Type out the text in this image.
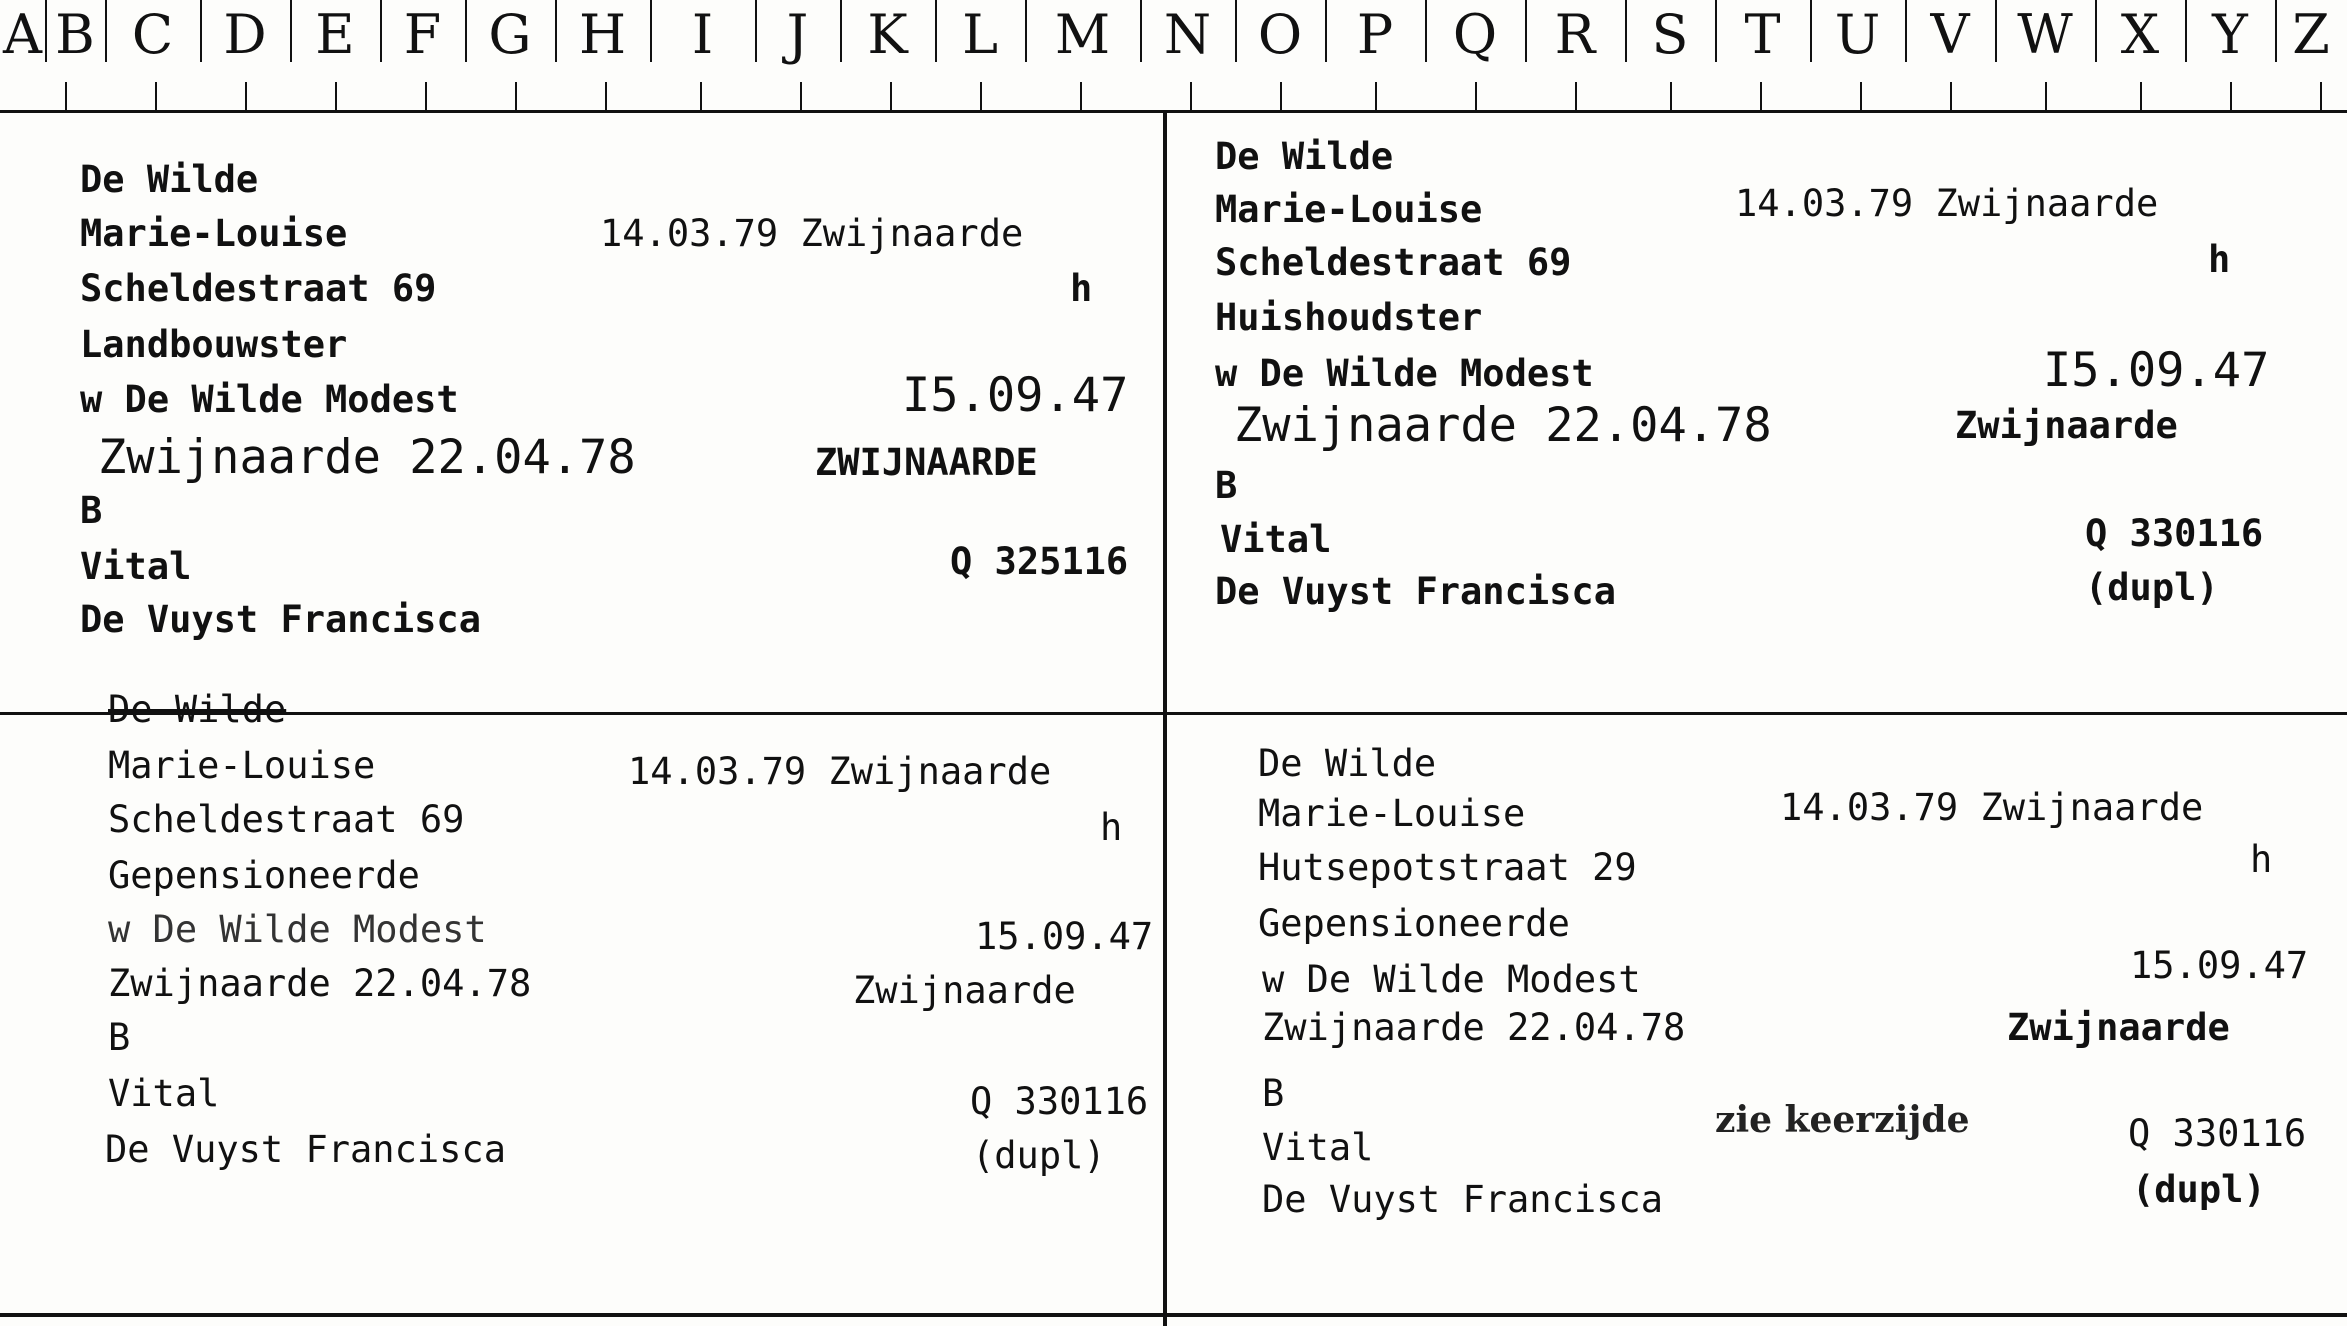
A B C D E F G H	I	J	K	L	M N O	P	Q	R	S	T	U V W X Y Z
De Wilde
Marie-Louise	14.03.79 Zwijnaarde
Scheldestraat 69	h
Landbouwster
w De Wilde Modest	I5.09.47
Zwijnaarde 22.04.78	ZWIJNAARDE
B
Vital	Q 325116
De Vuyst Francisca
De Wilde
Marie-Louise	14.03.79 Zwijnaarde
Scheldestraat 69	h
Huishoudster
w De Wilde Modest	I5.09.47
Zwijnaarde 22.04.78	Zwijnaarde
B
Vital	Q 330116
(dupl)
De Vuyst Francisca
De Wilde
Marie-Louise	14.03.79 Zwijnaarde
Scheldestraat 69	h
Gepensioneerde
w De Wilde Modest	15.09.47
Zwijnaarde 22.04.78	Zwijnaarde
B
Vital	Q 330116
(dupl)
De Vuyst Francisca
De Wilde
Marie-Louise	14.03.79 Zwijnaarde
Hutsepotstraat 29	h
Gepensioneerde
w De Wilde Modest	15.09.47
Zwijnaarde 22.04.78	Zwijnaarde
B
Vital
zie keerzijde	Q 330116
(dupl)
De Vuyst Francisca
